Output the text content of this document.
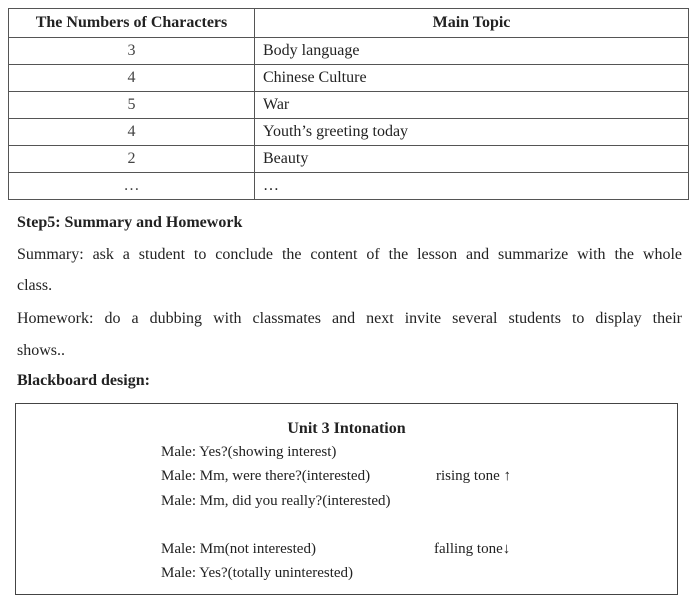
The Numbers of Characters	Main Topic
3	Body language
4	Chinese Culture
5	War
4	Youth’s greeting today
2	Beauty
…	…

Step5: Summary and Homework

Summary: ask a student to conclude the content of the lesson and summarize with the whole

class.

Homework: do a dubbing with classmates and next invite several students to display their

shows..

Blackboard design:

Unit 3 Intonation
Male: Yes?(showing interest)
Male: Mm, were there?(interested)	rising tone ↑
Male: Mm, did you really?(interested)
Male: Mm(not interested)	falling tone↓
Male: Yes?(totally uninterested)
